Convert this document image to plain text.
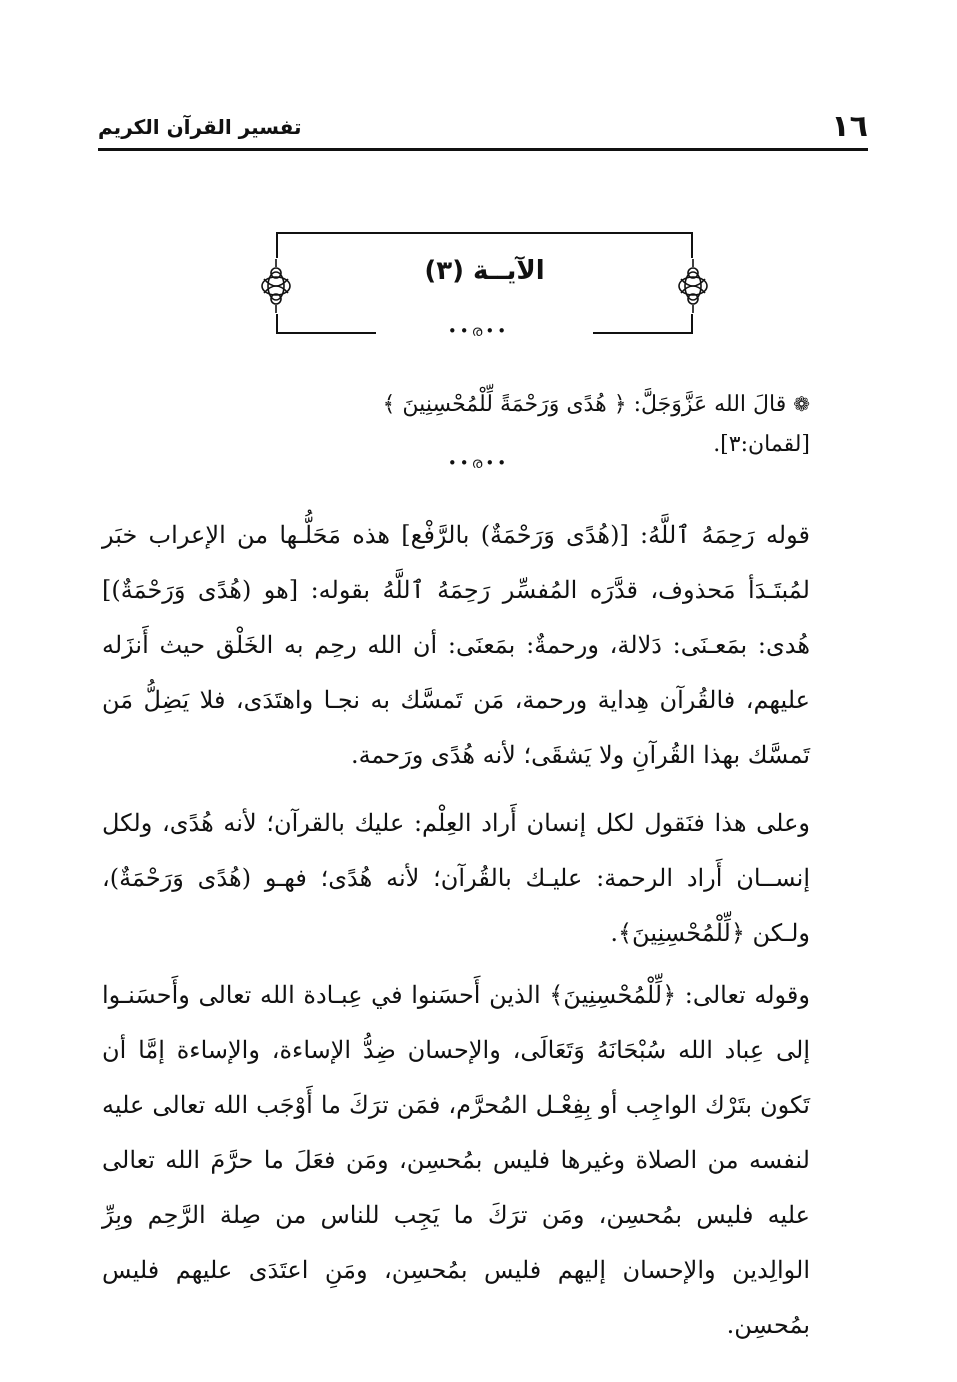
١٦
تفسير القرآن الكريم
الآيــة (٣)
••ര••
❁ قالَ الله عَزَّوَجَلَّ: ﴿ هُدًى وَرَحْمَةً لِّلْمُحْسِنِينَ ﴾ [لقمان:٣].
••ര••

قوله رَحِمَهُ ٱللَّهُ: [(هُدًى وَرَحْمَةٌ) بالرَّفْع] هذه مَحَلُّـها من الإعراب خبَر لمُبتَـدَأ مَحذوف، قدَّرَه المُفسِّر رَحِمَهُ ٱللَّهُ بقوله: [هو (هُدًى وَرَحْمَةٌ)] هُدى: بمَعـنَى: دَلالة، ورحمةٌ: بمَعنَى: أن الله رحِم به الخَلْق حيث أَنزَله عليهم، فالقُرآن هِداية ورحمة، مَن تَمسَّك به نجـا واهتَدَى، فلا يَضِلُّ مَن تَمسَّك بهذا القُرآنِ ولا يَشقَى؛ لأنه هُدًى ورَحمة.

وعلى هذا فنَقول لكل إنسان أَراد العِلْم: عليك بالقرآن؛ لأنه هُدًى، ولكل إنســان أَراد الرحمة: عليـك بالقُرآن؛ لأنه هُدًى؛ فهـو (هُدًى وَرَحْمَةٌ)، ولـكن ﴿لِّلْمُحْسِنِينَ﴾.

وقوله تعالى: ﴿لِّلْمُحْسِنِينَ﴾ الذين أَحسَنوا في عِبـادة الله تعالى وأَحسَنـوا إلى عِباد الله سُبْحَانَهُ وَتَعَالَى، والإحسان ضِدُّ الإساءة، والإساءة إمَّا أن تَكون بتَرْك الواجِب أو بِفِعْـل المُحرَّم، فمَن ترَكَ ما أَوْجَب الله تعالى عليه لنفسه من الصلاة وغيرها فليس بمُحسِن، ومَن فعَلَ ما حرَّمَ الله تعالى عليه فليس بمُحسِن، ومَن ترَكَ ما يَجِب للناس من صِلة الرَّحِم وبِرِّ الوالِدين والإحسان إليهم فليس بمُحسِن، ومَنِ اعتَدَى عليهم فليس بمُحسِن.
